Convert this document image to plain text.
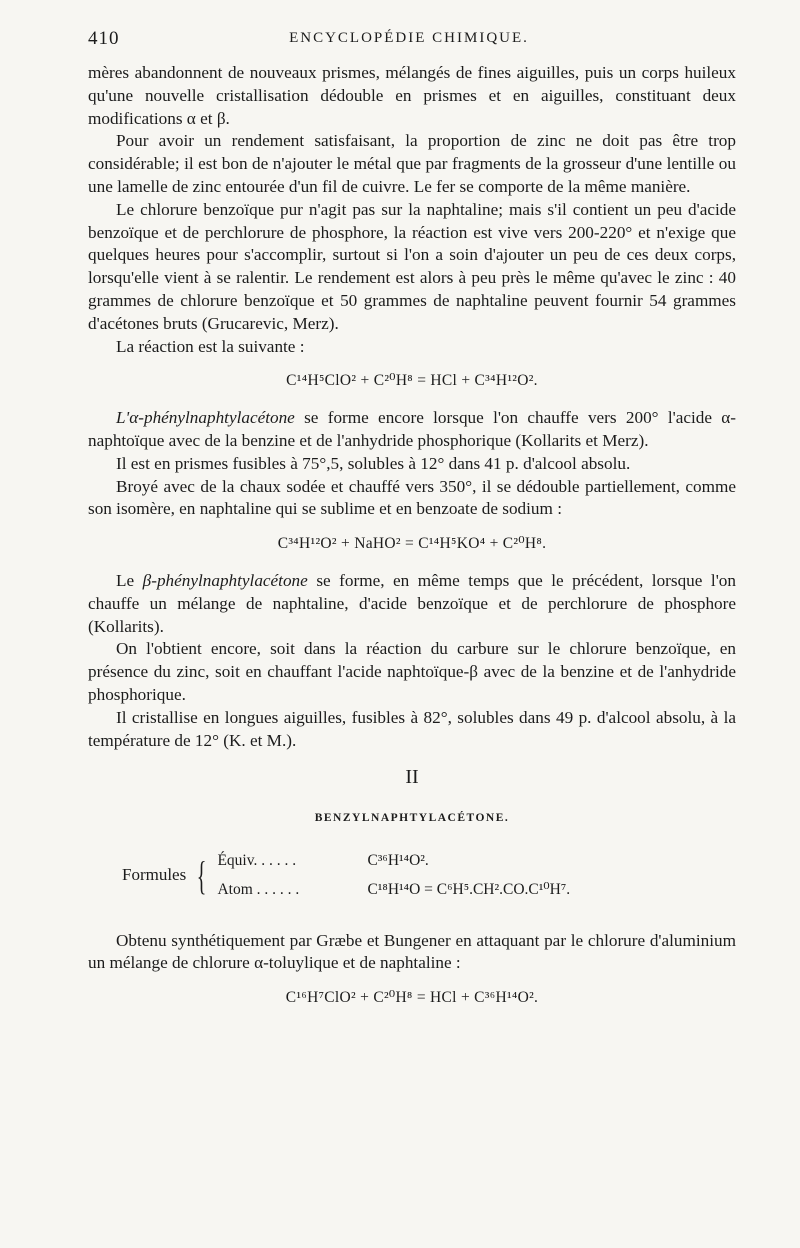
410	ENCYCLOPÉDIE CHIMIQUE.

mères abandonnent de nouveaux prismes, mélangés de fines aiguilles, puis un corps huileux qu'une nouvelle cristallisation dédouble en prismes et en aiguilles, constituant deux modifications α et β.

Pour avoir un rendement satisfaisant, la proportion de zinc ne doit pas être trop considérable; il est bon de n'ajouter le métal que par fragments de la grosseur d'une lentille ou une lamelle de zinc entourée d'un fil de cuivre. Le fer se comporte de la même manière.

Le chlorure benzoïque pur n'agit pas sur la naphtaline; mais s'il contient un peu d'acide benzoïque et de perchlorure de phosphore, la réaction est vive vers 200-220° et n'exige que quelques heures pour s'accomplir, surtout si l'on a soin d'ajouter un peu de ces deux corps, lorsqu'elle vient à se ralentir. Le rendement est alors à peu près le même qu'avec le zinc : 40 grammes de chlorure benzoïque et 50 grammes de naphtaline peuvent fournir 54 grammes d'acétones bruts (Grucarevic, Merz).

La réaction est la suivante :

C¹⁴H⁵ClO² + C²⁰H⁸ = HCl + C³⁴H¹²O².

L'α-phénylnaphtylacétone se forme encore lorsque l'on chauffe vers 200° l'acide α-naphtoïque avec de la benzine et de l'anhydride phosphorique (Kollarits et Merz).

Il est en prismes fusibles à 75°,5, solubles à 12° dans 41 p. d'alcool absolu.

Broyé avec de la chaux sodée et chauffé vers 350°, il se dédouble partiellement, comme son isomère, en naphtaline qui se sublime et en benzoate de sodium :

C³⁴H¹²O² + NaHO² = C¹⁴H⁵KO⁴ + C²⁰H⁸.

Le β-phénylnaphtylacétone se forme, en même temps que le précédent, lorsque l'on chauffe un mélange de naphtaline, d'acide benzoïque et de perchlorure de phosphore (Kollarits).

On l'obtient encore, soit dans la réaction du carbure sur le chlorure benzoïque, en présence du zinc, soit en chauffant l'acide naphtoïque-β avec de la benzine et de l'anhydride phosphorique.

Il cristallise en longues aiguilles, fusibles à 82°, solubles dans 49 p. d'alcool absolu, à la température de 12° (K. et M.).

II
BENZYLNAPHTYLACÉTONE.
Formules { Équiv. . . . . .	C³⁶H¹⁴O².
Atom . . . . . .	C¹⁸H¹⁴O = C⁶H⁵.CH².CO.C¹⁰H⁷.

Obtenu synthétiquement par Græbe et Bungener en attaquant par le chlorure d'aluminium un mélange de chlorure α-toluylique et de naphtaline :

C¹⁶H⁷ClO² + C²⁰H⁸ = HCl + C³⁶H¹⁴O².
